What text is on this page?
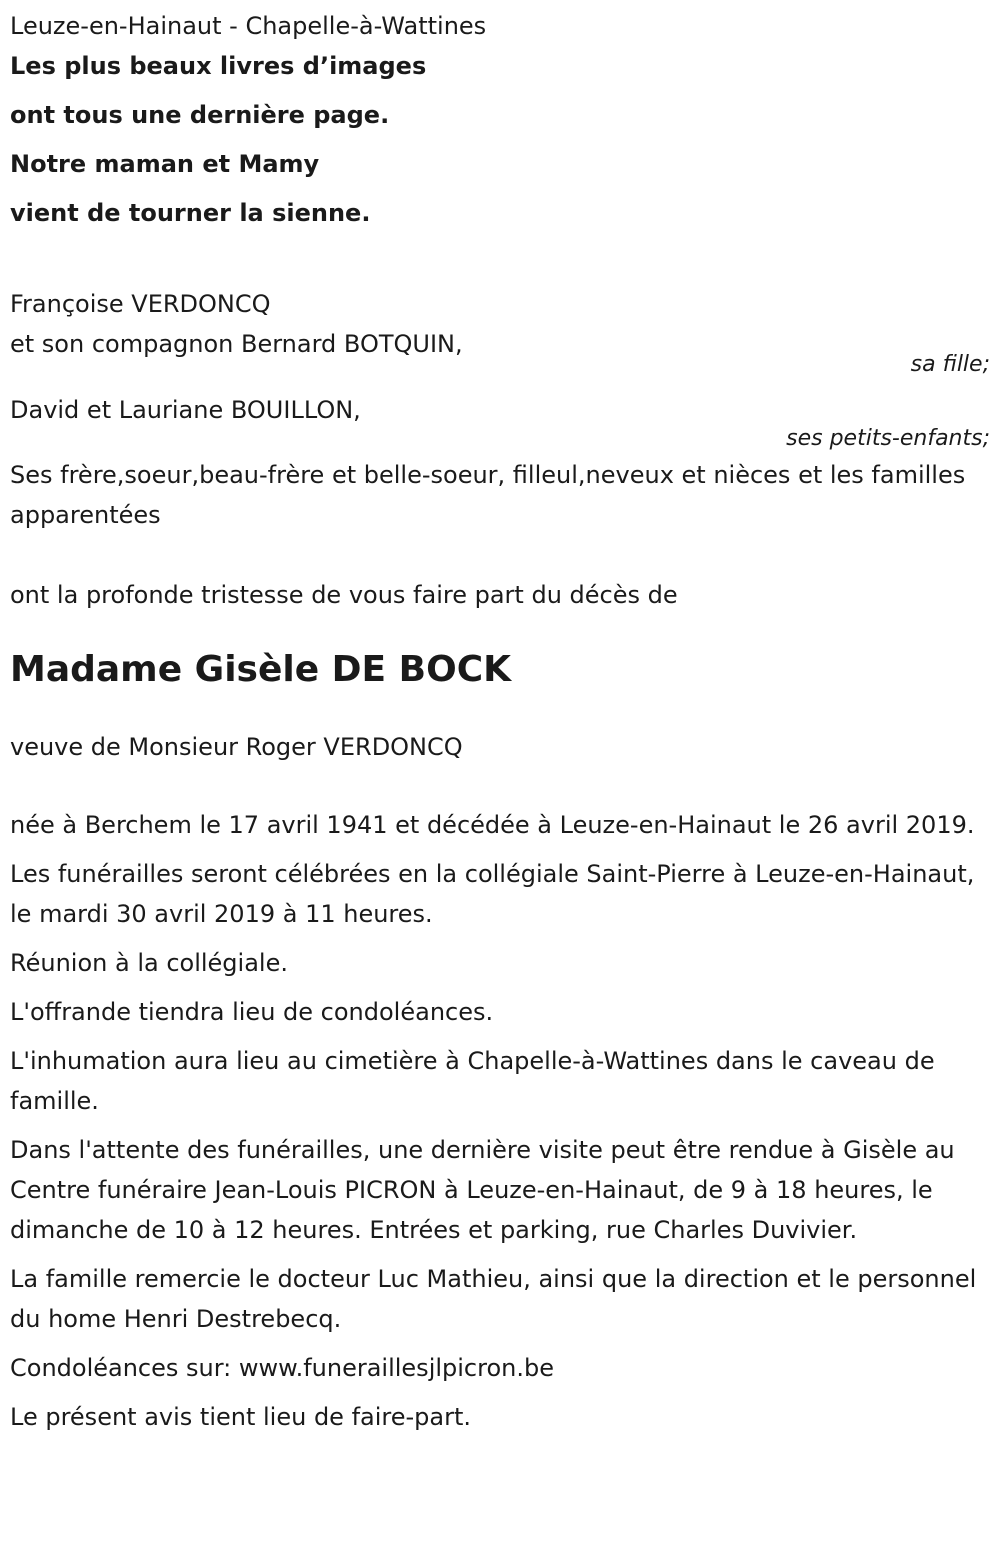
Leuze-en-Hainaut - Chapelle-à-Wattines

Les plus beaux livres d’images

ont tous une dernière page.

Notre maman et Mamy

vient de tourner la sienne.

Françoise VERDONCQ

et son compagnon Bernard BOTQUIN,

sa fille;

David et Lauriane BOUILLON,

ses petits-enfants;

Ses frère,soeur,beau-frère et belle-soeur, filleul,neveux et nièces et les familles apparentées

ont la profonde tristesse de vous faire part du décès de

Madame Gisèle DE BOCK

veuve de Monsieur Roger VERDONCQ

née à Berchem le 17 avril 1941 et décédée à Leuze-en-Hainaut le 26 avril 2019.

Les funérailles seront célébrées en la collégiale Saint-Pierre à Leuze-en-Hainaut, le mardi 30 avril 2019 à 11 heures.

Réunion à la collégiale.

L'offrande tiendra lieu de condoléances.

L'inhumation aura lieu au cimetière à Chapelle-à-Wattines dans le caveau de famille.

Dans l'attente des funérailles, une dernière visite peut être rendue à Gisèle au Centre funéraire Jean-Louis PICRON à Leuze-en-Hainaut, de 9 à 18 heures, le dimanche de 10 à 12 heures. Entrées et parking, rue Charles Duvivier.

La famille remercie le docteur Luc Mathieu, ainsi que la direction et le personnel du home Henri Destrebecq.

Condoléances sur: www.funeraillesjlpicron.be

Le présent avis tient lieu de faire-part.
